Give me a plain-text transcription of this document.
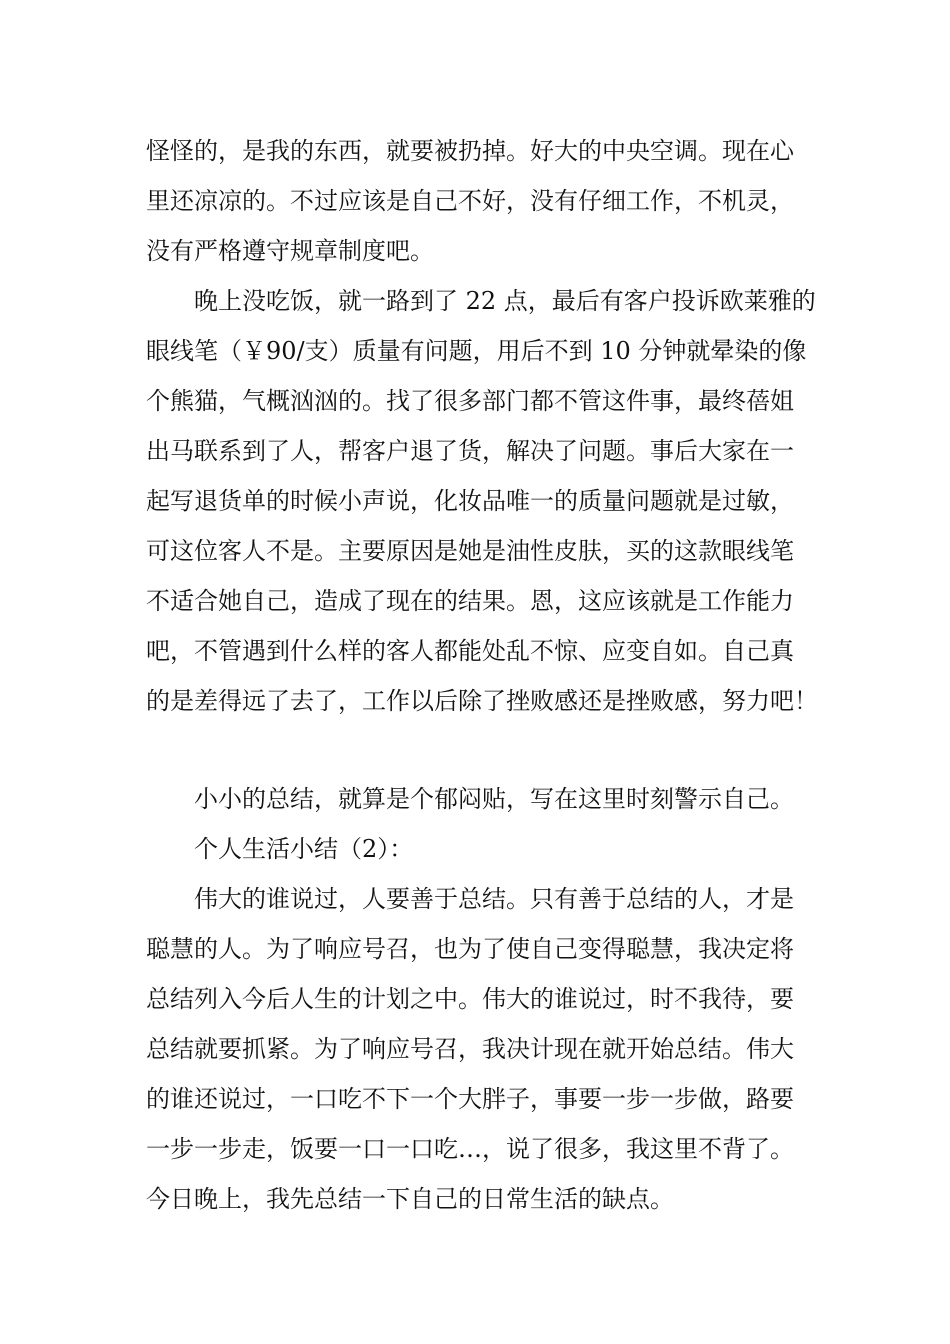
怪怪的，是我的东西，就要被扔掉。好大的中央空调。现在心
里还凉凉的。不过应该是自己不好，没有仔细工作，不机灵，
没有严格遵守规章制度吧。
晚上没吃饭，就一路到了 22 点，最后有客户投诉欧莱雅的
眼线笔（￥90/支）质量有问题，用后不到 10 分钟就晕染的像
个熊猫，气概汹汹的。找了很多部门都不管这件事，最终蓓姐
出马联系到了人，帮客户退了货，解决了问题。事后大家在一
起写退货单的时候小声说，化妆品唯一的质量问题就是过敏，
可这位客人不是。主要原因是她是油性皮肤，买的这款眼线笔
不适合她自己，造成了现在的结果。恩，这应该就是工作能力
吧，不管遇到什么样的客人都能处乱不惊、应变自如。自己真
的是差得远了去了，工作以后除了挫败感还是挫败感，努力吧！
小小的总结，就算是个郁闷贴，写在这里时刻警示自己。
个人生活小结（2）：
伟大的谁说过，人要善于总结。只有善于总结的人，才是
聪慧的人。为了响应号召，也为了使自己变得聪慧，我决定将
总结列入今后人生的计划之中。伟大的谁说过，时不我待，要
总结就要抓紧。为了响应号召，我决计现在就开始总结。伟大
的谁还说过，一口吃不下一个大胖子，事要一步一步做，路要
一步一步走，饭要一口一口吃…，说了很多，我这里不背了。
今日晚上，我先总结一下自己的日常生活的缺点。
